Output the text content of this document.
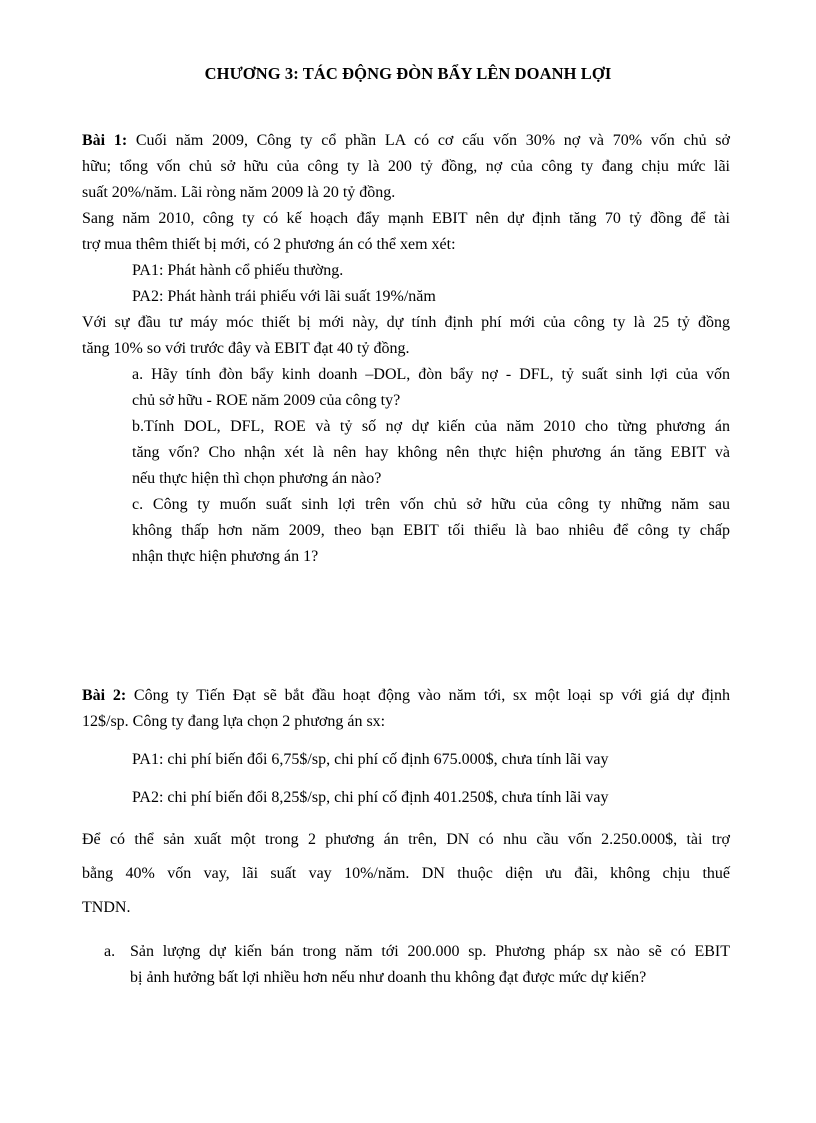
CHƯƠNG 3: TÁC ĐỘNG ĐÒN BẨY LÊN DOANH LỢI
Bài 1: Cuối năm 2009, Công ty cổ phần LA có cơ cấu vốn 30% nợ và 70% vốn chủ sở
hữu; tổng vốn chủ sở hữu của công ty là 200 tỷ đồng, nợ của công ty đang chịu mức lãi
suất 20%/năm. Lãi ròng năm 2009 là 20 tỷ đồng.
Sang năm 2010, công ty có kế hoạch đẩy mạnh EBIT nên dự định tăng 70 tỷ đồng để tài
trợ mua thêm thiết bị mới, có 2 phương án có thể xem xét:
PA1: Phát hành cổ phiếu thường.
PA2: Phát hành trái phiếu với lãi suất 19%/năm
Với sự đầu tư máy móc thiết bị mới này, dự tính định phí mới của công ty là 25 tỷ đồng
tăng 10% so với trước đây và EBIT đạt 40 tỷ đồng.
a. Hãy tính đòn bẩy kinh doanh –DOL, đòn bẩy nợ - DFL, tỷ suất sinh lợi của vốn
chủ sở hữu - ROE năm 2009 của công ty?
b.Tính DOL, DFL, ROE và tỷ số nợ dự kiến của năm 2010 cho từng phương án
tăng vốn? Cho nhận xét là nên hay không nên thực hiện phương án tăng EBIT và
nếu thực hiện thì chọn phương án nào?
c. Công ty muốn suất sinh lợi trên vốn chủ sở hữu của công ty những năm sau
không thấp hơn năm 2009, theo bạn EBIT tối thiểu là bao nhiêu để công ty chấp
nhận thực hiện phương án 1?
Bài 2: Công ty Tiến Đạt sẽ bắt đầu hoạt động vào năm tới, sx một loại sp với giá dự định
12$/sp. Công ty đang lựa chọn 2 phương án sx:
PA1: chi phí biến đổi 6,75$/sp, chi phí cố định 675.000$, chưa tính lãi vay
PA2: chi phí biến đổi 8,25$/sp, chi phí cố định 401.250$, chưa tính lãi vay
Để có thể sản xuất một trong 2 phương án trên, DN có nhu cầu vốn 2.250.000$, tài trợ
bằng 40% vốn vay, lãi suất vay 10%/năm. DN thuộc diện ưu đãi, không chịu thuế
TNDN.
a. Sản lượng dự kiến bán trong năm tới 200.000 sp. Phương pháp sx nào sẽ có EBIT
bị ảnh hưởng bất lợi nhiều hơn nếu như doanh thu không đạt được mức dự kiến?
